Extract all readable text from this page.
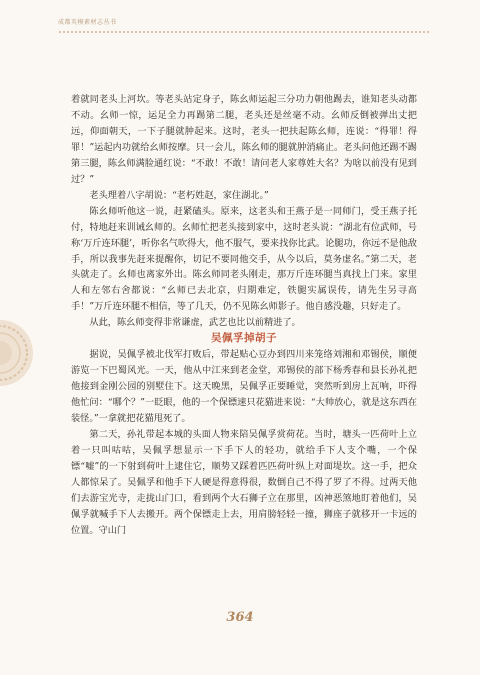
成都英模素材志丛书

着就同老头上河坎。等老头站定身子，陈幺师运起三分功力朝他踢去，谁知老头动都不动。幺师一惊，运足全力再踢第二腿，老头还是丝毫不动。幺师反倒被弹出丈把远，仰面朝天，一下子腿就肿起来。这时，老头一把扶起陈幺师，连说：“得罪！得罪！”运起内功就给幺师按摩。只一会儿，陈幺师的腿就肿消痛止。老头问他还踢不踢第三腿，陈幺师满脸通红说：“不敢！不敢！请问老人家尊姓大名？为啥以前没有见到过？”

老头理着八字胡说：“老朽姓赵，家住湖北。”

陈幺师听他这一说，赶紧磕头。原来，这老头和王燕子是一同师门，受王燕子托付，特地赶来训诫幺师的。幺师忙把老头接到家中，这时老头说：“湖北有位武师，号称‘万斤连环腿’，听你名气吹得大，他不服气，要来找你比武。论腿功，你远不是他敌手，所以我事先赶来提醒你，切记不要同他交手，从今以后，莫务虚名。”第二天，老头就走了。幺师也离家外出。陈幺师同老头刚走，那万斤连环腿当真找上门来。家里人和左邻右舍都说：“幺师已去北京，归期难定，铁腿实属误传，请先生另寻高手！”万斤连环腿不相信，等了几天，仍不见陈幺师影子。他自感没趣，只好走了。

从此，陈幺师变得非常谦虚，武艺也比以前精进了。

吴佩孚掉胡子

据说，吴佩孚被北伐军打败后，带起贴心豆办到四川来笼络刘湘和邓锡侯，顺便游览一下巴蜀风光。一天，他从中江来到老金堂，邓锡侯的部下杨秀春和县长孙礼把他接到金刚公园的别墅住下。这天晚黑，吴佩孚正要睡觉，突然听到房上瓦响，吓得他忙问：“哪个？”一眨眼，他的一个保镖速只花猫进来说：“大帅放心，就是这东西在装怪。”一拿就把花猫甩死了。

第二天，孙礼带起本城的头面人物来陪吴佩孚赏荷花。当时，塘头一匹荷叶上立着一只叫咕咕，吴佩孚想显示一下手下人的轻功，就给手下人支个嘴，一个保镖“嘘”的一下射到荷叶上逮住它，顺势又踩着匹匹荷叶纵上对面堤坎。这一手，把众人都惊呆了。吴佩孚和他手下人硬是得意得很，数倒自己不得了罗了不得。过两天他们去游宝光寺，走拢山门口，看到两个大石狮子立在那里，凶神恶煞地盯着他们，吴佩孚就喊手下人去搬开。两个保镖走上去，用肩膀轻轻一撞，狮座子就移开一卡远的位置。守山门

364
